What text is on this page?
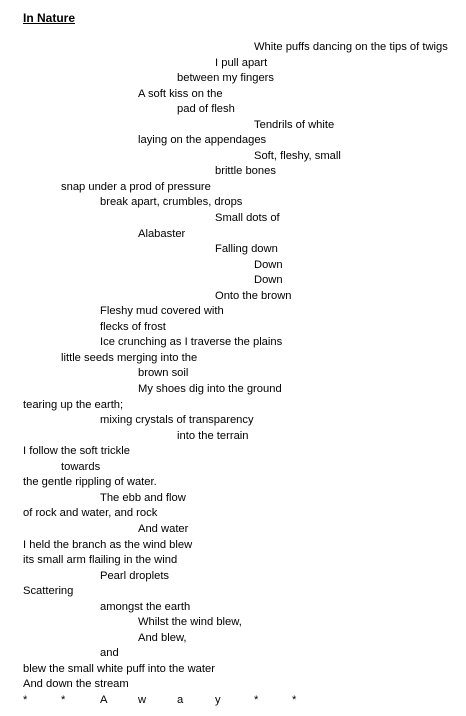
In Nature
White puffs dancing on the tips of twigs
I pull apart
between my fingers
A soft kiss on the
pad of flesh
Tendrils of white
laying on the appendages
Soft, fleshy, small
brittle bones
snap under a prod of pressure
break apart, crumbles, drops
Small dots of
Alabaster
Falling down
Down
Down
Onto the brown
Fleshy mud covered with
flecks of frost
Ice crunching as I traverse the plains
little seeds merging into the
brown soil
My shoes dig into the ground
tearing up the earth;
mixing crystals of transparency
into the terrain
I follow the soft trickle
towards
the gentle rippling of water.
The ebb and flow
of rock and water, and rock
And water
I held the branch as the wind blew
its small arm flailing in the wind
Pearl droplets
Scattering
amongst the earth
Whilst the wind blew,
And blew,
and
blew the small white puff into the water
And down the stream
*	*	A	w	a	y	*	*
